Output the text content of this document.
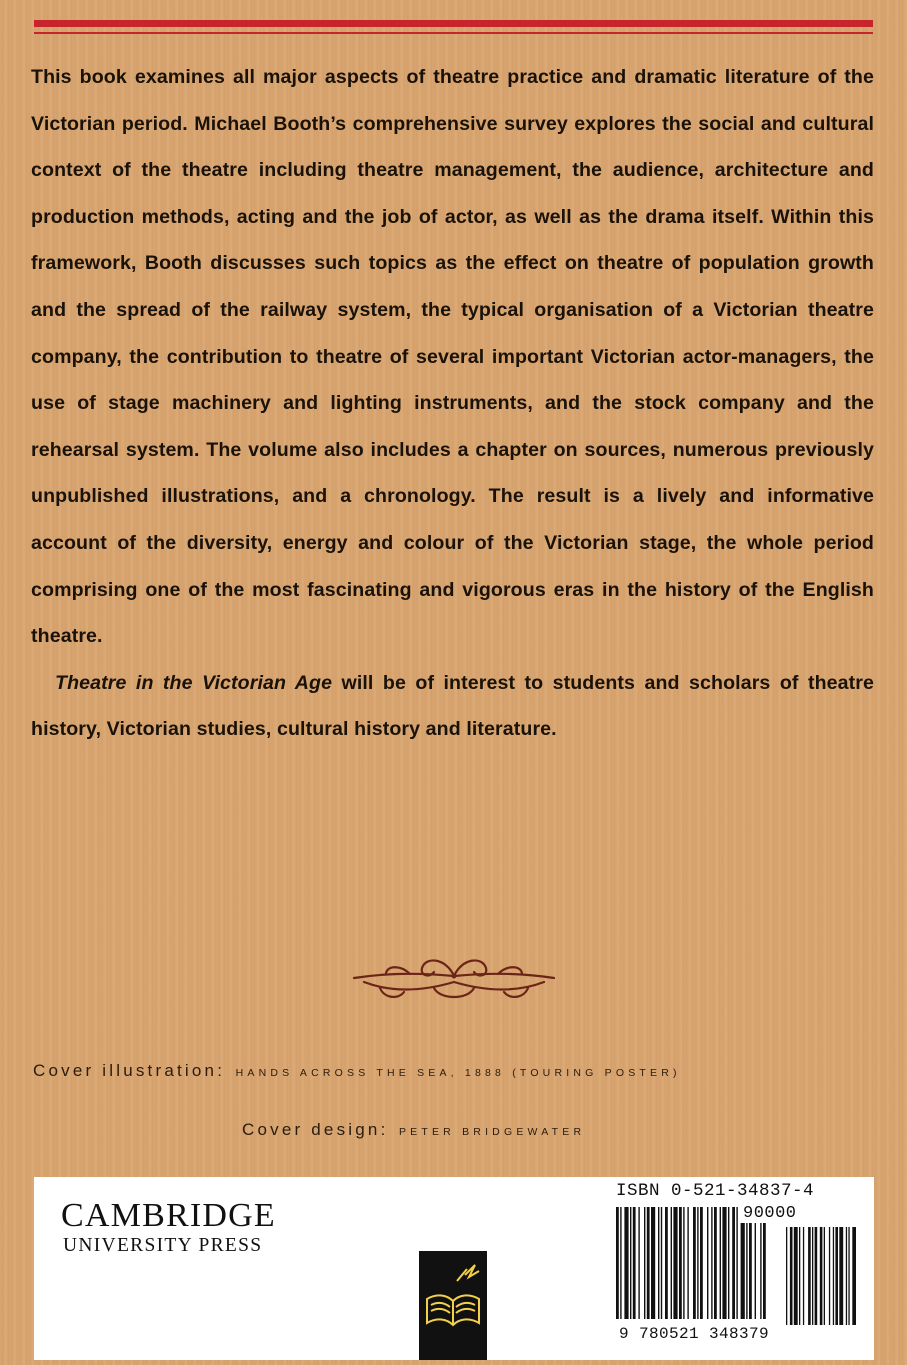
This book examines all major aspects of theatre practice and dramatic literature of the Victorian period. Michael Booth’s comprehensive survey explores the social and cultural context of the theatre including theatre management, the audience, architecture and production methods, acting and the job of actor, as well as the drama itself. Within this framework, Booth discusses such topics as the effect on theatre of population growth and the spread of the railway system, the typical organisation of a Victorian theatre company, the contribution to theatre of several important Victorian actor-managers, the use of stage machinery and lighting instruments, and the stock company and the rehearsal system. The volume also includes a chapter on sources, numerous previously unpublished illustrations, and a chronology. The result is a lively and informative account of the diversity, energy and colour of the Victorian stage, the whole period comprising one of the most fascinating and vigorous eras in the history of the English theatre.

Theatre in the Victorian Age will be of interest to students and scholars of theatre history, Victorian studies, cultural history and literature.

Cover illustration: HANDS ACROSS THE SEA, 1888 (TOURING POSTER)
Cover design: PETER BRIDGEWATER
CAMBRIDGE
UNIVERSITY PRESS
ISBN 0-521-34837-4
90000
9 780521 348379
